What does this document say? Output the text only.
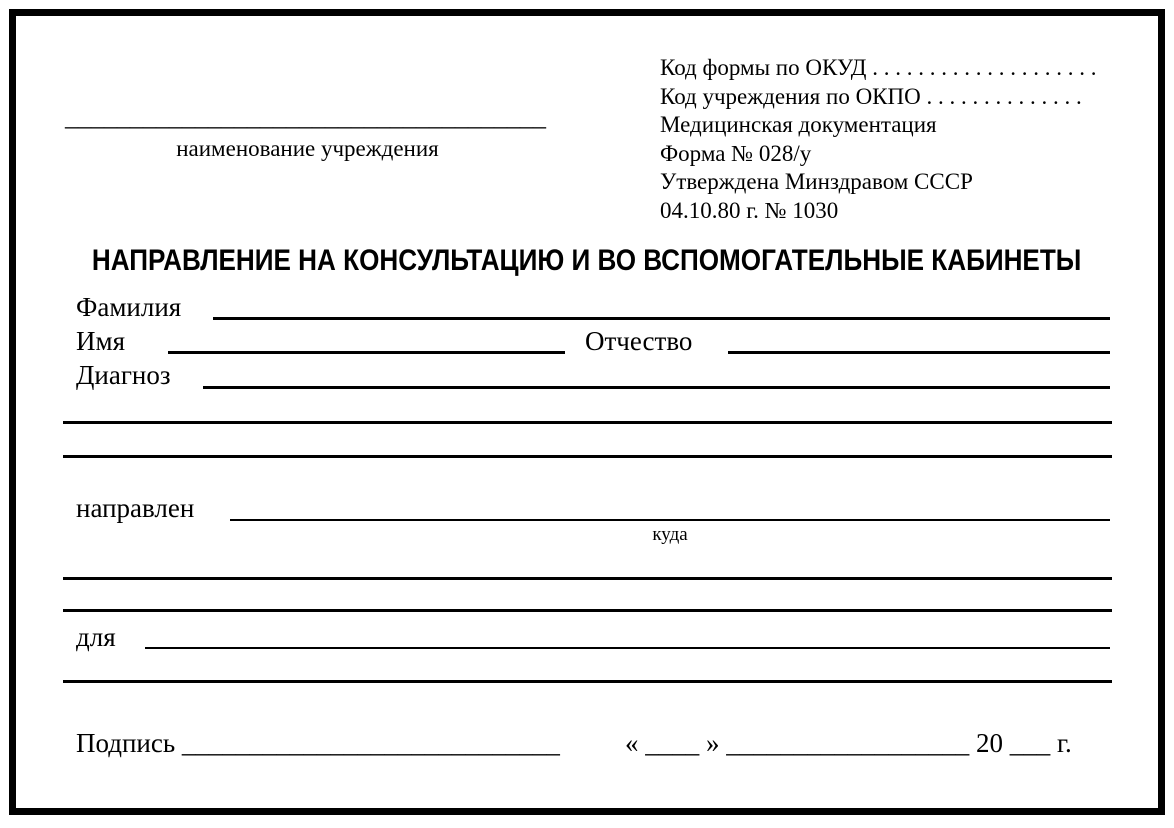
Код формы по ОКУД . . . . . . . . . . . . . . . . . . . .
Код учреждения по ОКПО . . . . . . . . . . . . . .
Медицинская документация
Форма № 028/у
Утверждена Минздравом СССР
04.10.80 г. № 1030
_____________________________________
наименование учреждения
НАПРАВЛЕНИЕ НА КОНСУЛЬТАЦИЮ И ВО ВСПОМОГАТЕЛЬНЫЕ КАБИНЕТЫ
Фамилия
Имя	Отчество
Диагноз
направлен
куда
для
Подпись ____________________________ « ____ » __________________ 20 ___ г.
